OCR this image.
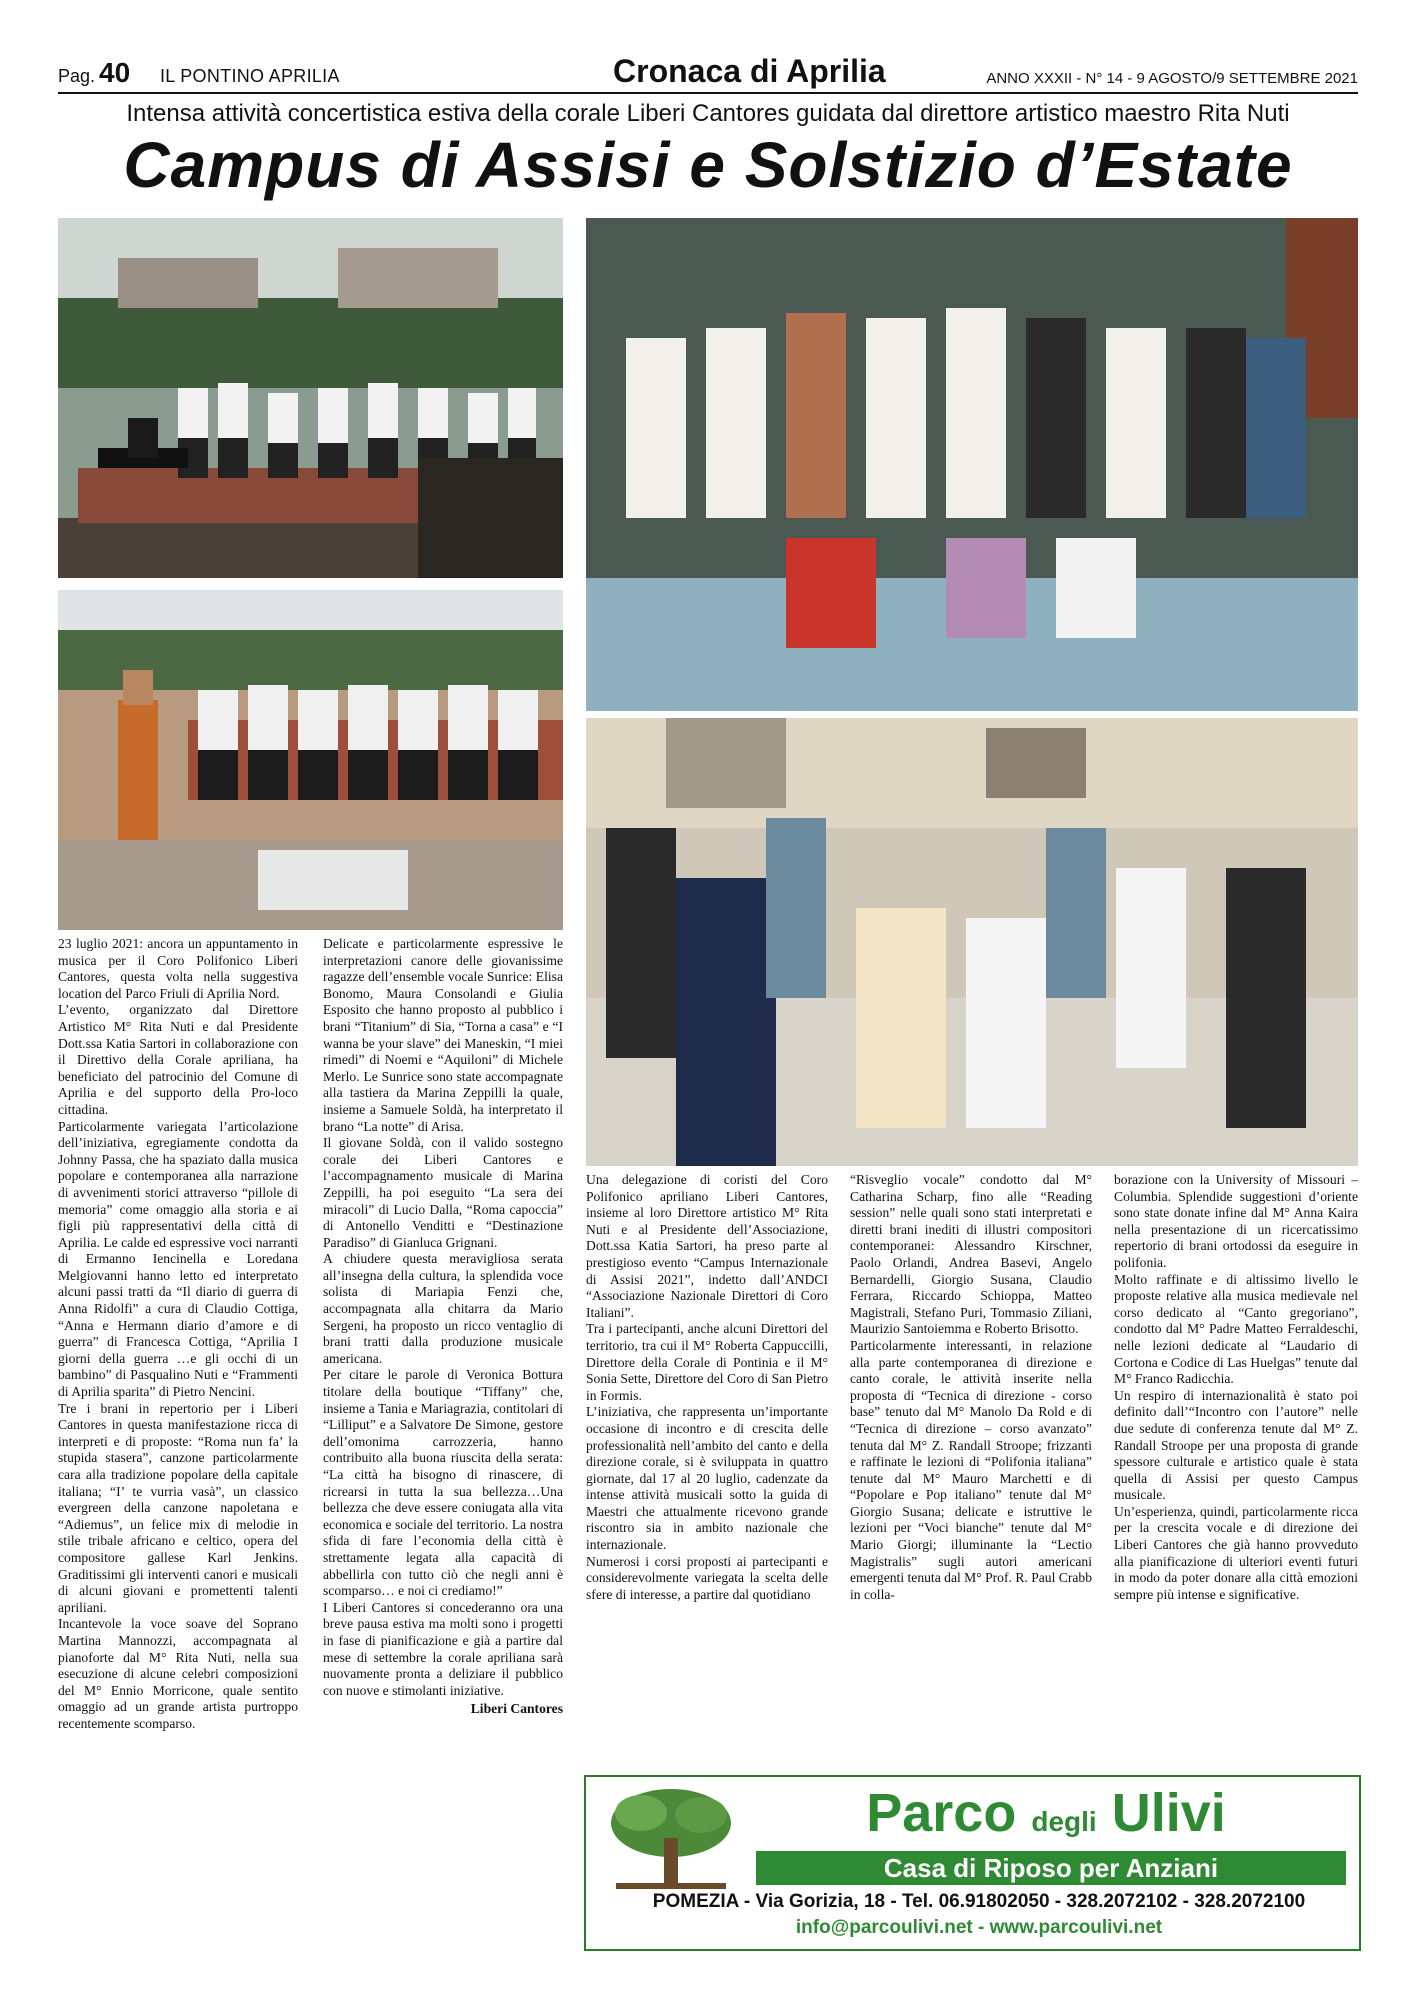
Pag. 40 IL PONTINO APRILIA	Cronaca di Aprilia	ANNO XXXII - N° 14 - 9 AGOSTO/9 SETTEMBRE 2021
Intensa attività concertistica estiva della corale Liberi Cantores guidata dal direttore artistico maestro Rita Nuti
Campus di Assisi e Solstizio d’Estate

23 luglio 2021: ancora un appuntamento in musica per il Coro Polifonico Liberi Cantores, questa volta nella suggestiva location del Parco Friuli di Aprilia Nord.

L’evento, organizzato dal Direttore Artistico M° Rita Nuti e dal Presidente Dott.ssa Katia Sartori in collaborazione con il Direttivo della Corale apriliana, ha beneficiato del patrocinio del Comune di Aprilia e del supporto della Pro-loco cittadina.

Particolarmente variegata l’articolazione dell’iniziativa, egregiamente condotta da Johnny Passa, che ha spaziato dalla musica popolare e contemporanea alla narrazione di avvenimenti storici attraverso “pillole di memoria” come omaggio alla storia e ai figli più rappresentativi della città di Aprilia. Le calde ed espressive voci narranti di Ermanno Iencinella e Loredana Melgiovanni hanno letto ed interpretato alcuni passi tratti da “Il diario di guerra di Anna Ridolfi” a cura di Claudio Cottiga, “Anna e Hermann diario d’amore e di guerra” di Francesca Cottiga, “Aprilia I giorni della guerra …e gli occhi di un bambino” di Pasqualino Nuti e “Frammenti di Aprilia sparita” di Pietro Nencini.

Tre i brani in repertorio per i Liberi Cantores in questa manifestazione ricca di interpreti e di proposte: “Roma nun fa’ la stupida stasera”, canzone particolarmente cara alla tradizione popolare della capitale italiana; “I’ te vurria vasà”, un classico evergreen della canzone napoletana e “Adiemus”, un felice mix di melodie in stile tribale africano e celtico, opera del compositore gallese Karl Jenkins. Graditissimi gli interventi canori e musicali di alcuni giovani e promettenti talenti apriliani.

Incantevole la voce soave del Soprano Martina Mannozzi, accompagnata al pianoforte dal M° Rita Nuti, nella sua esecuzione di alcune celebri composizioni del M° Ennio Morricone, quale sentito omaggio ad un grande artista purtroppo recentemente scomparso.

Delicate e particolarmente espressive le interpretazioni canore delle giovanissime ragazze dell’ensemble vocale Sunrice: Elisa Bonomo, Maura Consolandi e Giulia Esposito che hanno proposto al pubblico i brani “Titanium” di Sia, “Torna a casa” e “I wanna be your slave” dei Maneskin, “I miei rimedi” di Noemi e “Aquiloni” di Michele Merlo. Le Sunrice sono state accompagnate alla tastiera da Marina Zeppilli la quale, insieme a Samuele Soldà, ha interpretato il brano “La notte” di Arisa.

Il giovane Soldà, con il valido sostegno corale dei Liberi Cantores e l’accompagnamento musicale di Marina Zeppilli, ha poi eseguito “La sera dei miracoli” di Lucio Dalla, “Roma capoccia” di Antonello Venditti e “Destinazione Paradiso” di Gianluca Grignani.

A chiudere questa meravigliosa serata all’insegna della cultura, la splendida voce solista di Mariapia Fenzi che, accompagnata alla chitarra da Mario Sergeni, ha proposto un ricco ventaglio di brani tratti dalla produzione musicale americana.

Per citare le parole di Veronica Bottura titolare della boutique “Tiffany” che, insieme a Tania e Mariagrazia, contitolari di “Lilliput” e a Salvatore De Simone, gestore dell’omonima carrozzeria, hanno contribuito alla buona riuscita della serata: “La città ha bisogno di rinascere, di ricrearsi in tutta la sua bellezza…Una bellezza che deve essere coniugata alla vita economica e sociale del territorio. La nostra sfida di fare l’economia della città è strettamente legata alla capacità di abbellirla con tutto ciò che negli anni è scomparso… e noi ci crediamo!”

I Liberi Cantores si concederanno ora una breve pausa estiva ma molti sono i progetti in fase di pianificazione e già a partire dal mese di settembre la corale apriliana sarà nuovamente pronta a deliziare il pubblico con nuove e stimolanti iniziative.

Liberi Cantores

Una delegazione di coristi del Coro Polifonico apriliano Liberi Cantores, insieme al loro Direttore artistico M° Rita Nuti e al Presidente dell’Associazione, Dott.ssa Katia Sartori, ha preso parte al prestigioso evento “Campus Internazionale di Assisi 2021”, indetto dall’ANDCI “Associazione Nazionale Direttori di Coro Italiani”.

Tra i partecipanti, anche alcuni Direttori del territorio, tra cui il M° Roberta Cappuccilli, Direttore della Corale di Pontinia e il M° Sonia Sette, Direttore del Coro di San Pietro in Formis.

L’iniziativa, che rappresenta un’importante occasione di incontro e di crescita delle professionalità nell’ambito del canto e della direzione corale, si è sviluppata in quattro giornate, dal 17 al 20 luglio, cadenzate da intense attività musicali sotto la guida di Maestri che attualmente ricevono grande riscontro sia in ambito nazionale che internazionale.

Numerosi i corsi proposti ai partecipanti e considerevolmente variegata la scelta delle sfere di interesse, a partire dal quotidiano

“Risveglio vocale” condotto dal M° Catharina Scharp, fino alle “Reading session” nelle quali sono stati interpretati e diretti brani inediti di illustri compositori contemporanei: Alessandro Kirschner, Paolo Orlandi, Andrea Basevi, Angelo Bernardelli, Giorgio Susana, Claudio Ferrara, Riccardo Schioppa, Matteo Magistrali, Stefano Puri, Tommasio Ziliani, Maurizio Santoiemma e Roberto Brisotto.

Particolarmente interessanti, in relazione alla parte contemporanea di direzione e canto corale, le attività inserite nella proposta di “Tecnica di direzione - corso base” tenuto dal M° Manolo Da Rold e di “Tecnica di direzione – corso avanzato” tenuta dal M° Z. Randall Stroope; frizzanti e raffinate le lezioni di “Polifonia italiana” tenute dal M° Mauro Marchetti e di “Popolare e Pop italiano” tenute dal M° Giorgio Susana; delicate e istruttive le lezioni per “Voci bianche” tenute dal M° Mario Giorgi; illuminante la “Lectio Magistralis” sugli autori americani emergenti tenuta dal M° Prof. R. Paul Crabb in colla-

borazione con la University of Missouri – Columbia. Splendide suggestioni d’oriente sono state donate infine dal M° Anna Kaira nella presentazione di un ricercatissimo repertorio di brani ortodossi da eseguire in polifonia.

Molto raffinate e di altissimo livello le proposte relative alla musica medievale nel corso dedicato al “Canto gregoriano”, condotto dal M° Padre Matteo Ferraldeschi, nelle lezioni dedicate al “Laudario di Cortona e Codice di Las Huelgas” tenute dal M° Franco Radicchia.

Un respiro di internazionalità è stato poi definito dall’“Incontro con l’autore” nelle due sedute di conferenza tenute dal M° Z. Randall Stroope per una proposta di grande spessore culturale e artistico quale è stata quella di Assisi per questo Campus musicale.

Un’esperienza, quindi, particolarmente ricca per la crescita vocale e di direzione dei Liberi Cantores che già hanno provveduto alla pianificazione di ulteriori eventi futuri in modo da poter donare alla città emozioni sempre più intense e significative.

Parco degli Ulivi
Casa di Riposo per Anziani
POMEZIA - Via Gorizia, 18 - Tel. 06.91802050 - 328.2072102 - 328.2072100
info@parcoulivi.net - www.parcoulivi.net
